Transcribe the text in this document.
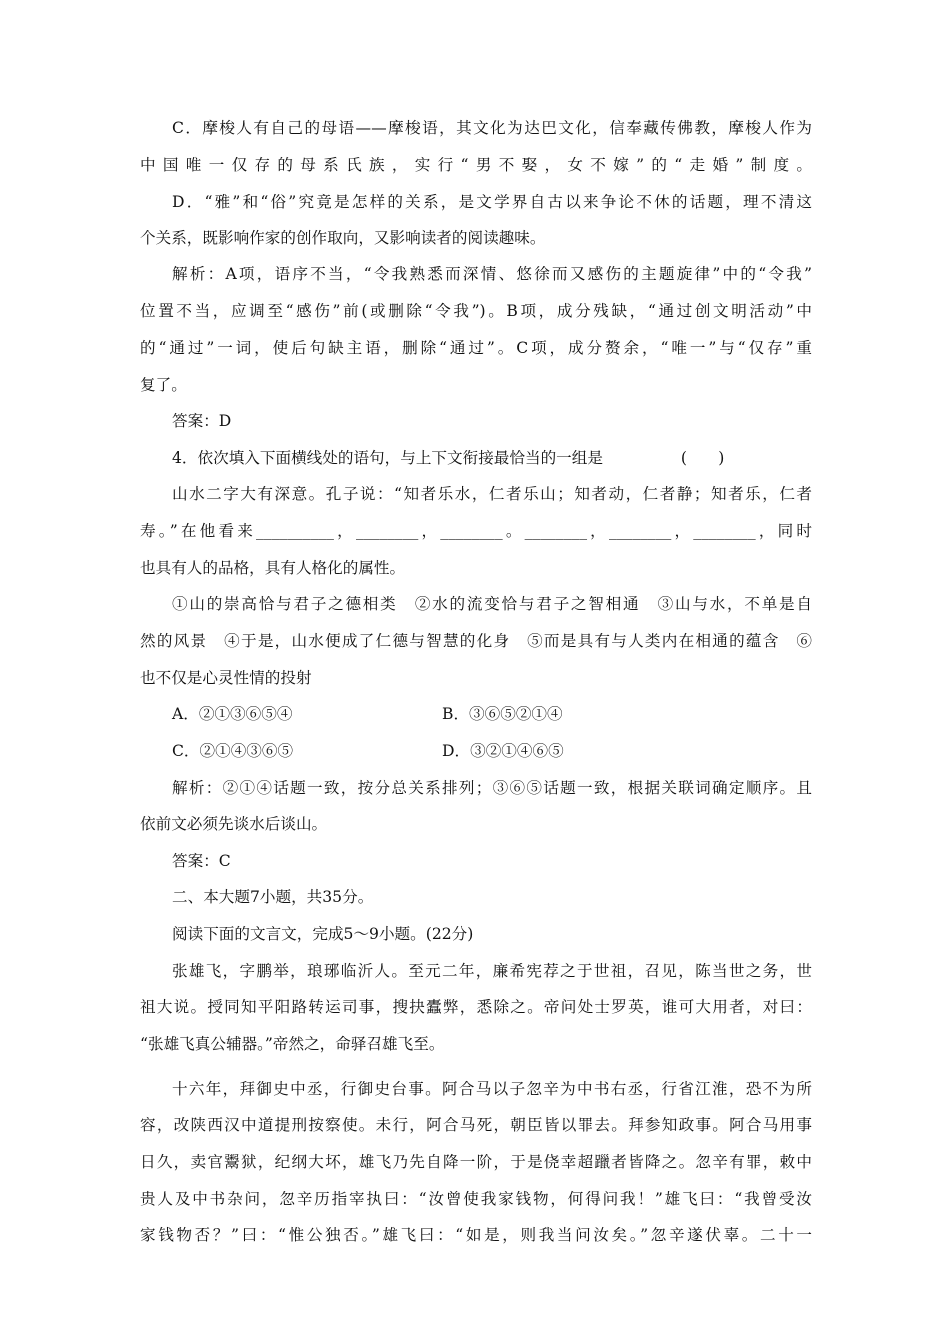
C．摩梭人有自己的母语——摩梭语，其文化为达巴文化，信奉藏传佛教，摩梭人作为
中国唯一仅存的母系氏族，实行“男不娶，女不嫁”的“走婚”制度。
D．“雅”和“俗”究竟是怎样的关系，是文学界自古以来争论不休的话题，理不清这
个关系，既影响作家的创作取向，又影响读者的阅读趣味。
解析：A项，语序不当，“令我熟悉而深情、悠徐而又感伤的主题旋律”中的“令我”
位置不当，应调至“感伤”前(或删除“令我”)。B项，成分残缺，“通过创文明活动”中
的“通过”一词，使后句缺主语，删除“通过”。C项，成分赘余，“唯一”与“仅存”重
复了。
答案：D
4．依次填入下面横线处的语句，与上下文衔接最恰当的一组是　　　　　(　　)
山水二字大有深意。孔子说：“知者乐水，仁者乐山；知者动，仁者静；知者乐，仁者
寿。”在他看来__________，________，________。________，________，________，同时
也具有人的品格，具有人格化的属性。
①山的崇高恰与君子之德相类　②水的流变恰与君子之智相通　③山与水，不单是自
然的风景　④于是，山水便成了仁德与智慧的化身　⑤而是具有与人类内在相通的蕴含　⑥
也不仅是心灵性情的投射
A．②①③⑥⑤④	B．③⑥⑤②①④
C．②①④③⑥⑤	D．③②①④⑥⑤
解析：②①④话题一致，按分总关系排列；③⑥⑤话题一致，根据关联词确定顺序。且
依前文必须先谈水后谈山。
答案：C
二、本大题7小题，共35分。
阅读下面的文言文，完成5～9小题。(22分)
张雄飞，字鹏举，琅琊临沂人。至元二年，廉希宪荐之于世祖，召见，陈当世之务，世
祖大说。授同知平阳路转运司事，搜抉蠹弊，悉除之。帝问处士罗英，谁可大用者，对曰：
“张雄飞真公辅器。”帝然之，命驿召雄飞至。
十六年，拜御史中丞，行御史台事。阿合马以子忽辛为中书右丞，行省江淮，恐不为所
容，改陕西汉中道提刑按察使。未行，阿合马死，朝臣皆以罪去。拜参知政事。阿合马用事
日久，卖官鬻狱，纪纲大坏，雄飞乃先自降一阶，于是侥幸超躐者皆降之。忽辛有罪，敕中
贵人及中书杂问，忽辛历指宰执曰：“汝曾使我家钱物，何得问我！”雄飞曰：“我曾受汝
家钱物否？”曰：“惟公独否。”雄飞曰：“如是，则我当问汝矣。”忽辛遂伏辜。二十一
